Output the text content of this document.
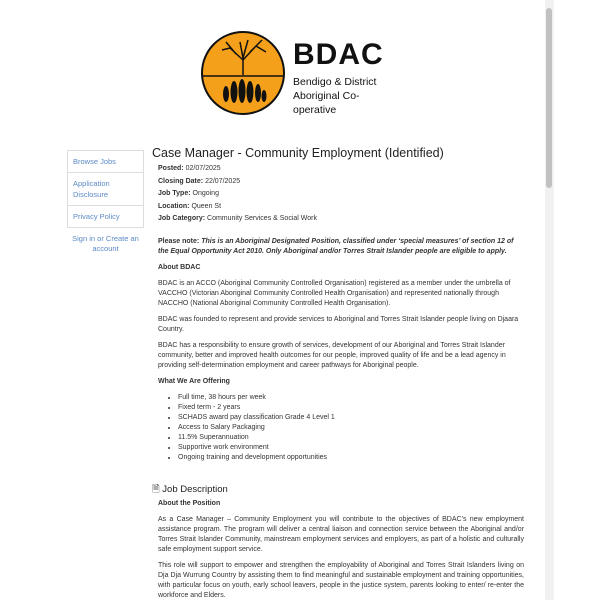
BDAC
Bendigo & District
Aboriginal Co-operative
Browse Jobs
Application Disclosure
Privacy Policy
Sign in or Create an account
Case Manager - Community Employment (Identified)
Posted: 02/07/2025
Closing Date: 22/07/2025
Job Type: Ongoing
Location: Queen St
Job Category: Community Services & Social Work

Please note: This is an Aboriginal Designated Position, classified under ‘special measures’ of section 12 of the Equal Opportunity Act 2010. Only Aboriginal and/or Torres Strait Islander people are eligible to apply.

About BDAC

BDAC is an ACCO (Aboriginal Community Controlled Organisation) registered as a member under the umbrella of VACCHO (Victorian Aboriginal Community Controlled Health Organisation) and represented nationally through NACCHO (National Aboriginal Community Controlled Health Organisation).

BDAC was founded to represent and provide services to Aboriginal and Torres Strait Islander people living on Djaara Country.

BDAC has a responsibility to ensure growth of services, development of our Aboriginal and Torres Strait Islander community, better and improved health outcomes for our people, improved quality of life and be a lead agency in providing self-determination employment and career pathways for Aboriginal people.

What We Are Offering

• Full time, 38 hours per week
• Fixed term - 2 years
• SCHADS award pay classification Grade 4 Level 1
• Access to Salary Packaging
• 11.5% Superannuation
• Supportive work environment
• Ongoing training and development opportunities
🗎 Job Description

About the Position

As a Case Manager – Community Employment you will contribute to the objectives of BDAC’s new employment assistance program. The program will deliver a central liaison and connection service between the Aboriginal and/or Torres Strait Islander Community, mainstream employment services and employers, as part of a holistic and culturally safe employment support service.

This role will support to empower and strengthen the employability of Aboriginal and Torres Strait Islanders living on Dja Dja Wurrung Country by assisting them to find meaningful and sustainable employment and training opportunities, with particular focus on youth, early school leavers, people in the justice system, parents looking to enter/ re-enter the workforce and Elders.
